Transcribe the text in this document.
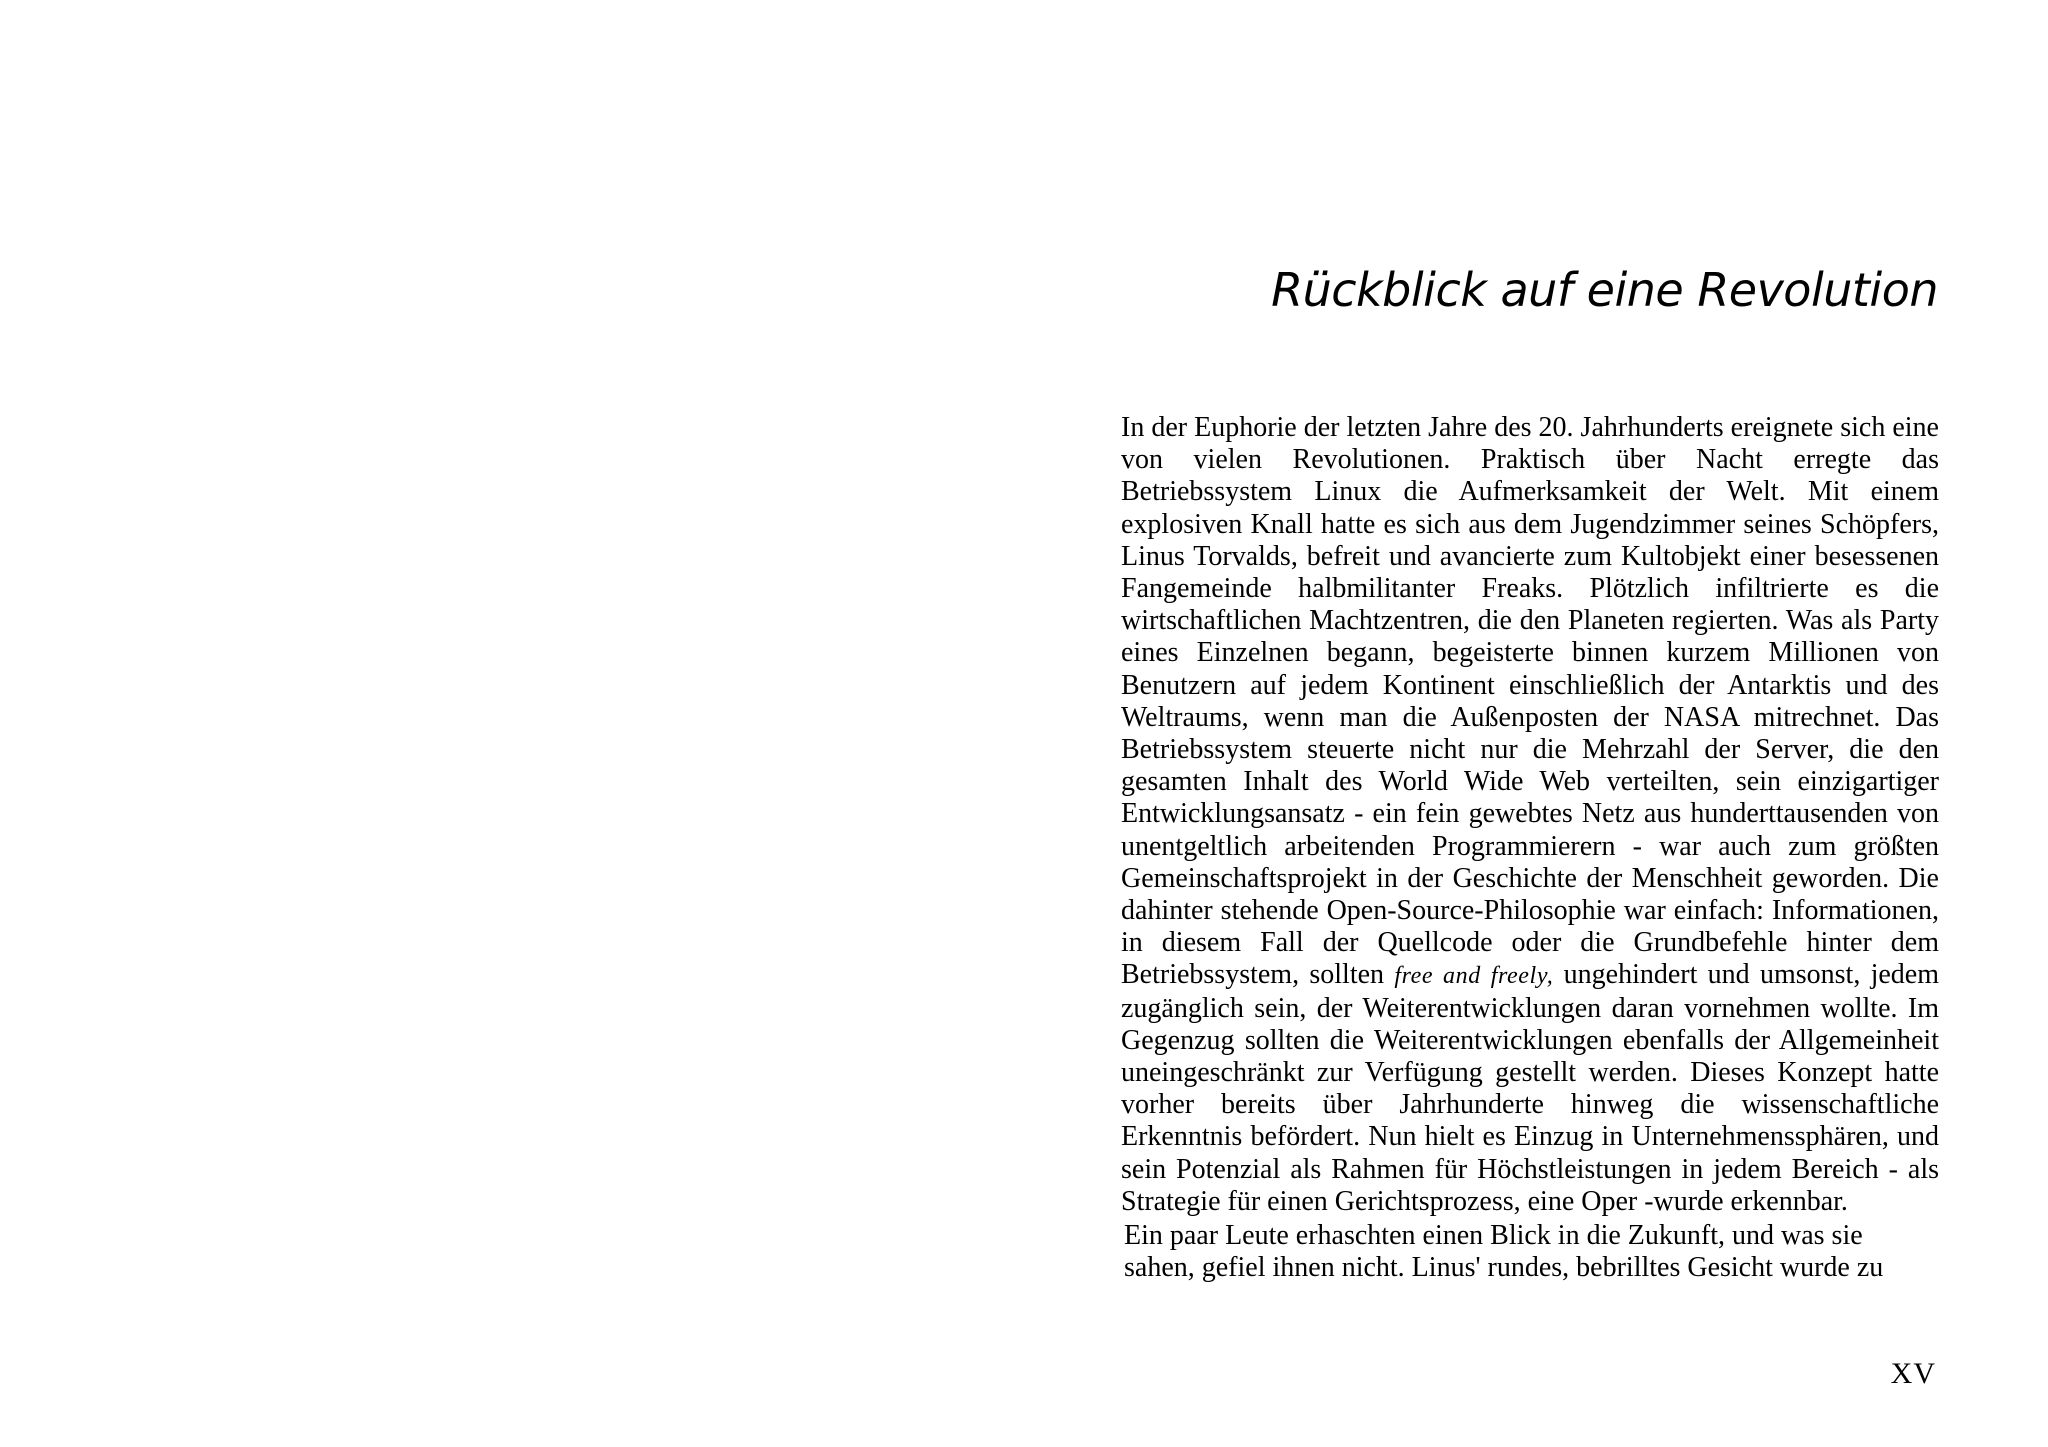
Rückblick auf eine Revolution

In der Euphorie der letzten Jahre des 20. Jahrhunderts ereignete sich eine von vielen Revolutionen. Praktisch über Nacht erregte das Betriebssystem Linux die Aufmerksamkeit der Welt. Mit einem explosiven Knall hatte es sich aus dem Jugendzimmer seines Schöpfers, Linus Torvalds, befreit und avancierte zum Kultobjekt einer besessenen Fangemeinde halbmilitanter Freaks. Plötzlich infiltrierte es die wirtschaftlichen Machtzentren, die den Planeten regierten. Was als Party eines Einzelnen begann, begeisterte binnen kurzem Millionen von Benutzern auf jedem Kontinent einschließlich der Antarktis und des Weltraums, wenn man die Außenposten der NASA mitrechnet. Das Betriebssystem steuerte nicht nur die Mehrzahl der Server, die den gesamten Inhalt des World Wide Web verteilten, sein einzigartiger Entwicklungsansatz - ein fein gewebtes Netz aus hunderttausenden von unentgeltlich arbeitenden Programmierern - war auch zum größten Gemeinschaftsprojekt in der Geschichte der Menschheit geworden. Die dahinter stehende Open-Source-Philosophie war einfach: Informationen, in diesem Fall der Quellcode oder die Grundbefehle hinter dem Betriebssystem, sollten free and freely, ungehindert und umsonst, jedem zugänglich sein, der Weiterentwicklungen daran vornehmen wollte. Im Gegenzug sollten die Weiterentwicklungen ebenfalls der Allgemeinheit uneingeschränkt zur Verfügung gestellt werden. Dieses Konzept hatte vorher bereits über Jahrhunderte hinweg die wissenschaftliche Erkenntnis befördert. Nun hielt es Einzug in Unternehmenssphären, und sein Potenzial als Rahmen für Höchstleistungen in jedem Bereich - als Strategie für einen Gerichtsprozess, eine Oper -wurde erkennbar.

Ein paar Leute erhaschten einen Blick in die Zukunft, und was sie
sahen, gefiel ihnen nicht. Linus' rundes, bebrilltes Gesicht wurde zu

XV
